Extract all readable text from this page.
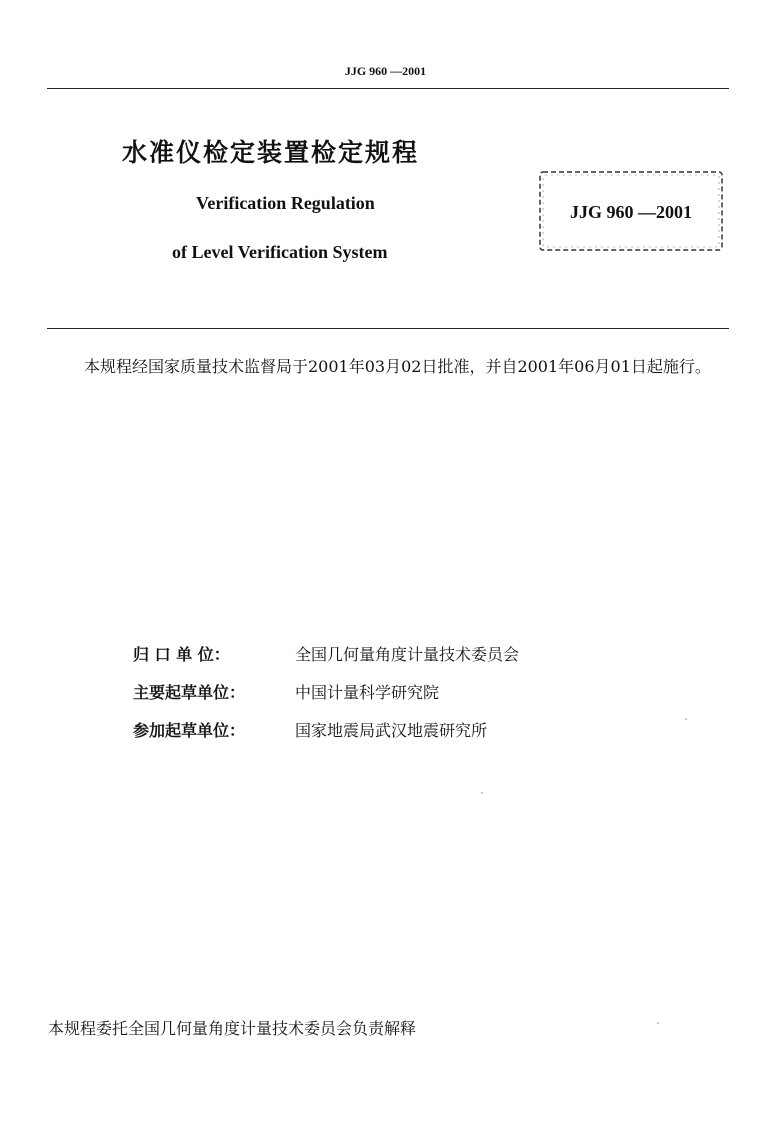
JJG 960 —2001
水准仪检定装置检定规程
Verification Regulation
of Level Verification System
JJG 960 —2001
本规程经国家质量技术监督局于2001年03月02日批准，并自2001年06月01日起施行。
归 口 单 位：	全国几何量角度计量技术委员会
主要起草单位：	中国计量科学研究院
参加起草单位：	国家地震局武汉地震研究所
本规程委托全国几何量角度计量技术委员会负责解释
